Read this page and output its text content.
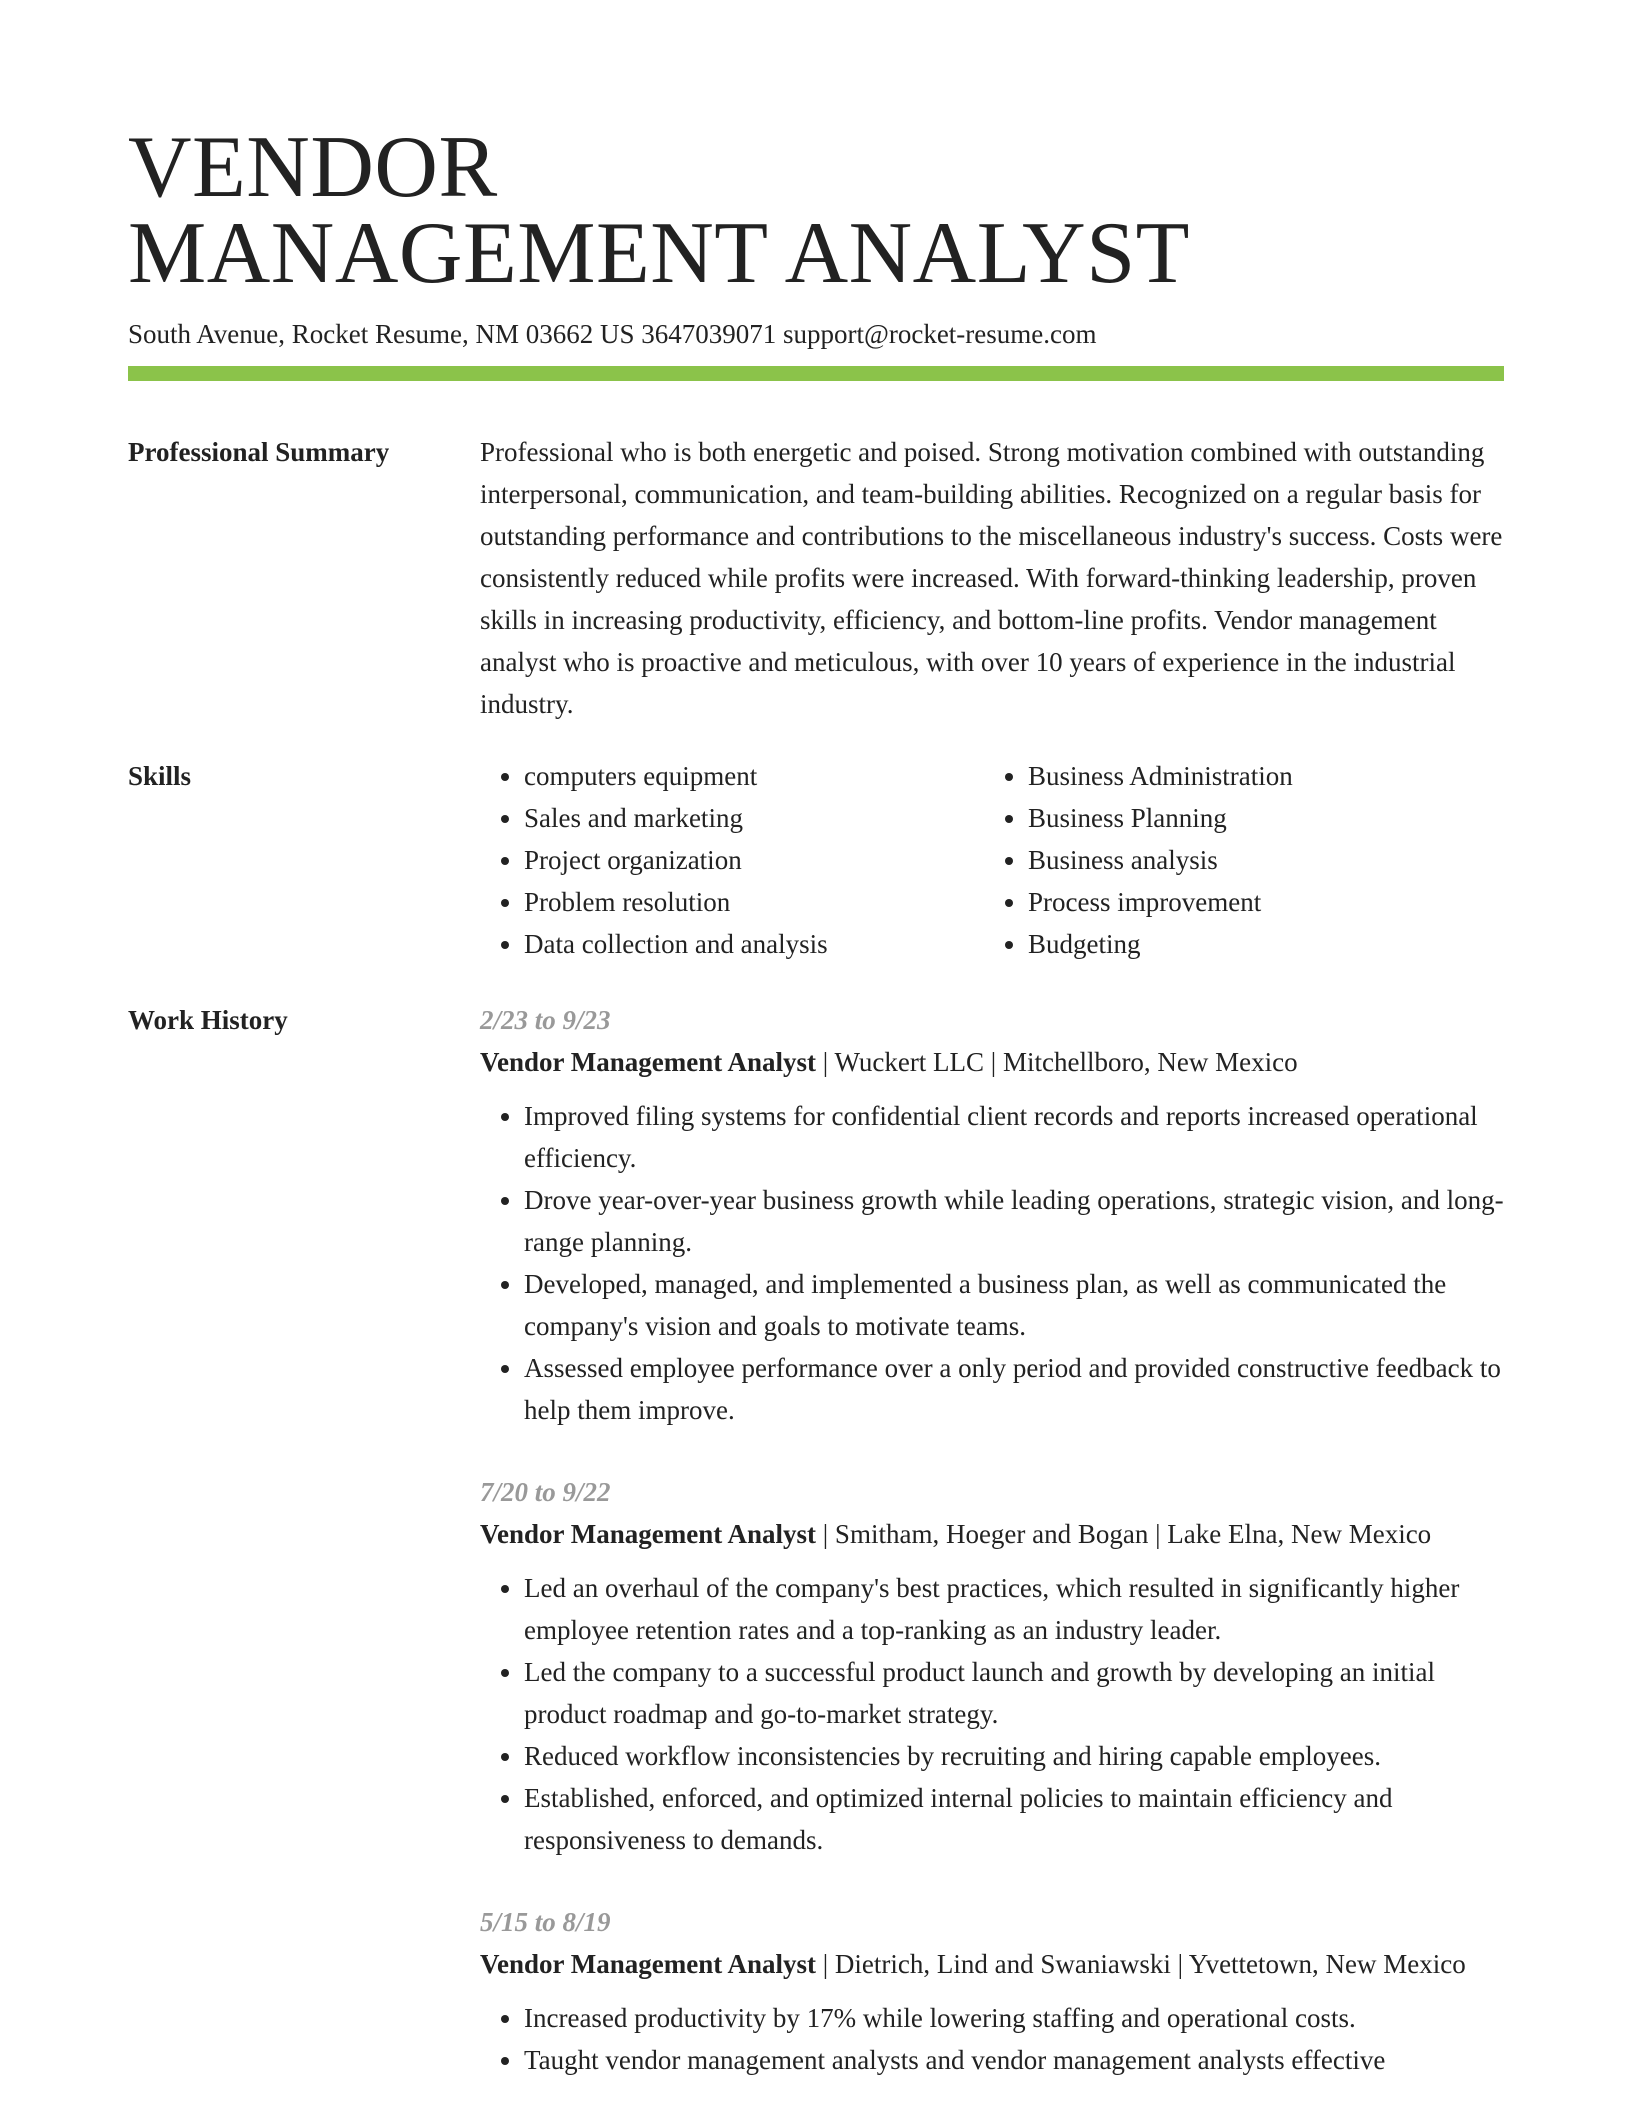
VENDOR
MANAGEMENT ANALYST
South Avenue, Rocket Resume, NM 03662 US 3647039071 support@rocket-resume.com
Professional Summary	Professional who is both energetic and poised. Strong motivation combined with outstanding interpersonal, communication, and team-building abilities. Recognized on a regular basis for outstanding performance and contributions to the miscellaneous industry's success. Costs were consistently reduced while profits were increased. With forward-thinking leadership, proven skills in increasing productivity, efficiency, and bottom-line profits. Vendor management analyst who is proactive and meticulous, with over 10 years of experience in the industrial industry.
Skills
•	computers equipment
• Sales and marketing
• Project organization
• Problem resolution
• Data collection and analysis
• Business Administration
• Business Planning
• Business analysis
• Process improvement
• Budgeting
Work History	2/23 to 9/23
Vendor Management Analyst | Wuckert LLC | Mitchellboro, New Mexico
• Improved filing systems for confidential client records and reports increased operational efficiency.
• Drove year-over-year business growth while leading operations, strategic vision, and long-range planning.
• Developed, managed, and implemented a business plan, as well as communicated the company's vision and goals to motivate teams.
• Assessed employee performance over a only period and provided constructive feedback to help them improve.
7/20 to 9/22
Vendor Management Analyst | Smitham, Hoeger and Bogan | Lake Elna, New Mexico
• Led an overhaul of the company's best practices, which resulted in significantly higher employee retention rates and a top-ranking as an industry leader.
• Led the company to a successful product launch and growth by developing an initial product roadmap and go-to-market strategy.
• Reduced workflow inconsistencies by recruiting and hiring capable employees.
• Established, enforced, and optimized internal policies to maintain efficiency and responsiveness to demands.
5/15 to 8/19
Vendor Management Analyst | Dietrich, Lind and Swaniawski | Yvettetown, New Mexico
• Increased productivity by 17% while lowering staffing and operational costs.
• Taught vendor management analysts and vendor management analysts effective
